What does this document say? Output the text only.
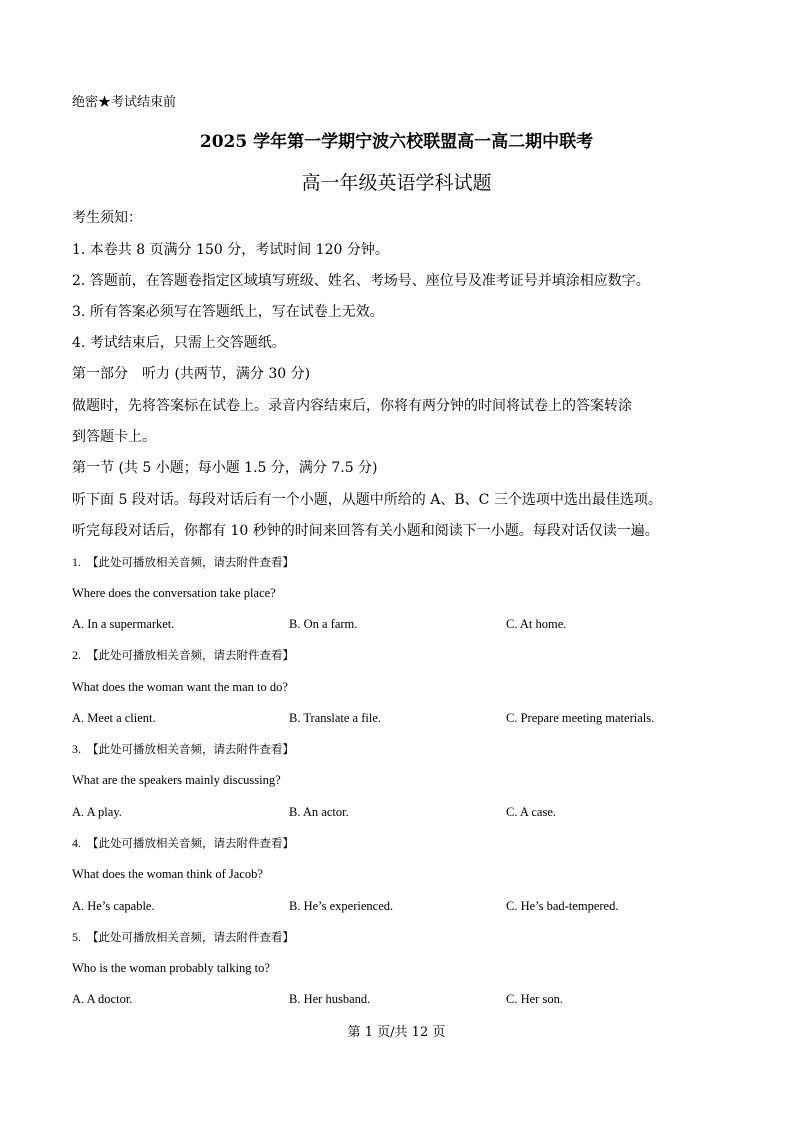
绝密★考试结束前
2025 学年第一学期宁波六校联盟高一高二期中联考
高一年级英语学科试题
考生须知：
1. 本卷共 8 页满分 150 分，考试时间 120 分钟。
2. 答题前，在答题卷指定区域填写班级、姓名、考场号、座位号及准考证号并填涂相应数字。
3. 所有答案必须写在答题纸上，写在试卷上无效。
4. 考试结束后，只需上交答题纸。
第一部分　听力 (共两节，满分 30 分)
做题时，先将答案标在试卷上。录音内容结束后，你将有两分钟的时间将试卷上的答案转涂
到答题卡上。
第一节 (共 5 小题；每小题 1.5 分，满分 7.5 分)
听下面 5 段对话。每段对话后有一个小题，从题中所给的 A、B、C 三个选项中选出最佳选项。
听完每段对话后，你都有 10 秒钟的时间来回答有关小题和阅读下一小题。每段对话仅读一遍。
1. 【此处可播放相关音频，请去附件查看】
Where does the conversation take place?
A. In a supermarket.	B. On a farm.	C. At home.
2. 【此处可播放相关音频，请去附件查看】
What does the woman want the man to do?
A. Meet a client.	B. Translate a file.	C. Prepare meeting materials.
3. 【此处可播放相关音频，请去附件查看】
What are the speakers mainly discussing?
A. A play.	B. An actor.	C. A case.
4. 【此处可播放相关音频，请去附件查看】
What does the woman think of Jacob?
A. He’s capable.	B. He’s experienced.	C. He’s bad-tempered.
5. 【此处可播放相关音频，请去附件查看】
Who is the woman probably talking to?
A. A doctor.	B. Her husband.	C. Her son.
第 1 页/共 12 页
